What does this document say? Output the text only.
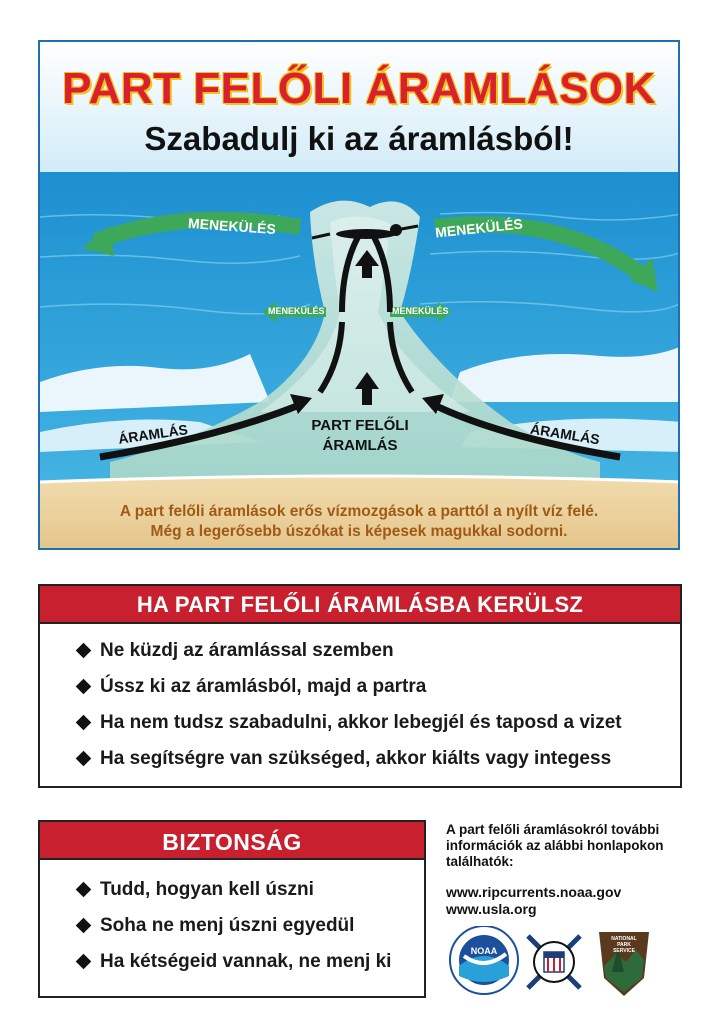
PART FELŐLI ÁRAMLÁSOK
Szabadulj ki az áramlásból!
MENEKÜLÉS	MENEKÜLÉS
MENEKÜLÉS	MENEKÜLÉS
ÁRAMLÁS	ÁRAMLÁS
PART FELŐLI
ÁRAMLÁS
A part felőli áramlások erős vízmozgások a parttól a nyílt víz felé.
Még a legerősebb úszókat is képesek magukkal sodorni.
HA PART FELŐLI ÁRAMLÁSBA KERÜLSZ
Ne küzdj az áramlással szemben
Ússz ki az áramlásból, majd a partra
Ha nem tudsz szabadulni, akkor lebegjél és taposd a vizet
Ha segítségre van szükséged, akkor kiálts vagy integess
BIZTONSÁG
Tudd, hogyan kell úszni
Soha ne menj úszni egyedül
Ha kétségeid vannak, ne menj ki
A part felőli áramlásokról további információk az alábbi honlapokon találhatók:
www.ripcurrents.noaa.gov
www.usla.org
NOAA
NATIONAL
PARK
SERVICE
